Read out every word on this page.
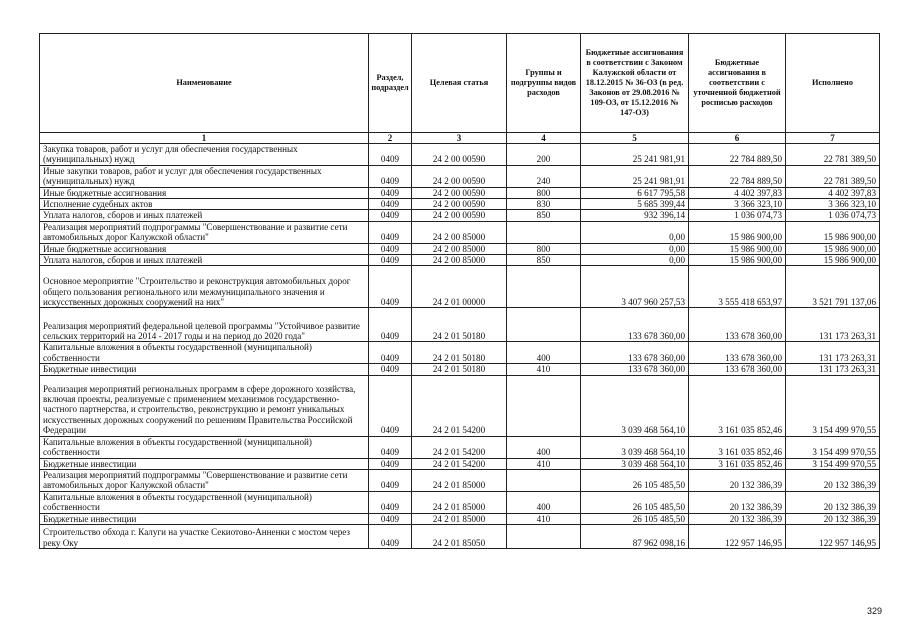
Наименование	Раздел, подраздел	Целевая статья	Группы и подгруппы видов расходов	Бюджетные ассигнования в соответствии с Законом Калужской области от 18.12.2015 № 36-ОЗ (в ред. Законов от 29.08.2016 № 109-ОЗ, от 15.12.2016 № 147-ОЗ)	Бюджетные ассигнования в соответствии с уточненной бюджетной росписью расходов	Исполнено
1	2	3	4	5	6	7
Закупка товаров, работ и услуг для обеспечения государственных (муниципальных) нужд	0409	24 2 00 00590	200	25 241 981,91	22 784 889,50	22 781 389,50
Иные закупки товаров, работ и услуг для обеспечения государственных (муниципальных) нужд	0409	24 2 00 00590	240	25 241 981,91	22 784 889,50	22 781 389,50
Иные бюджетные ассигнования	0409	24 2 00 00590	800	6 617 795,58	4 402 397,83	4 402 397,83
Исполнение судебных актов	0409	24 2 00 00590	830	5 685 399,44	3 366 323,10	3 366 323,10
Уплата налогов, сборов и иных платежей	0409	24 2 00 00590	850	932 396,14	1 036 074,73	1 036 074,73
Реализация мероприятий подпрограммы "Совершенствование и развитие сети автомобильных дорог Калужской области"	0409	24 2 00 85000		0,00	15 986 900,00	15 986 900,00
Иные бюджетные ассигнования	0409	24 2 00 85000	800	0,00	15 986 900,00	15 986 900,00
Уплата налогов, сборов и иных платежей	0409	24 2 00 85000	850	0,00	15 986 900,00	15 986 900,00
Основное мероприятие "Строительство и реконструкция автомобильных дорог общего пользования регионального или межмуниципального значения и искусственных дорожных сооружений на них"	0409	24 2 01 00000		3 407 960 257,53	3 555 418 653,97	3 521 791 137,06
Реализация мероприятий федеральной целевой программы "Устойчивое развитие сельских территорий на 2014 - 2017 годы и на период до 2020 года"	0409	24 2 01 50180		133 678 360,00	133 678 360,00	131 173 263,31
Капитальные вложения в объекты государственной (муниципальной) собственности	0409	24 2 01 50180	400	133 678 360,00	133 678 360,00	131 173 263,31
Бюджетные инвестиции	0409	24 2 01 50180	410	133 678 360,00	133 678 360,00	131 173 263,31
Реализация мероприятий региональных программ в сфере дорожного хозяйства, включая проекты, реализуемые с применением механизмов государственно-частного партнерства, и строительство, реконструкцию и ремонт уникальных искусственных дорожных сооружений по решениям Правительства Российской Федерации	0409	24 2 01 54200		3 039 468 564,10	3 161 035 852,46	3 154 499 970,55
Капитальные вложения в объекты государственной (муниципальной) собственности	0409	24 2 01 54200	400	3 039 468 564,10	3 161 035 852,46	3 154 499 970,55
Бюджетные инвестиции	0409	24 2 01 54200	410	3 039 468 564,10	3 161 035 852,46	3 154 499 970,55
Реализация мероприятий подпрограммы "Совершенствование и развитие сети автомобильных дорог Калужской области"	0409	24 2 01 85000		26 105 485,50	20 132 386,39	20 132 386,39
Капитальные вложения в объекты государственной (муниципальной) собственности	0409	24 2 01 85000	400	26 105 485,50	20 132 386,39	20 132 386,39
Бюджетные инвестиции	0409	24 2 01 85000	410	26 105 485,50	20 132 386,39	20 132 386,39
Строительство обхода г. Калуги на участке Секиотово-Анненки с мостом через реку Оку	0409	24 2 01 85050		87 962 098,16	122 957 146,95	122 957 146,95
329
